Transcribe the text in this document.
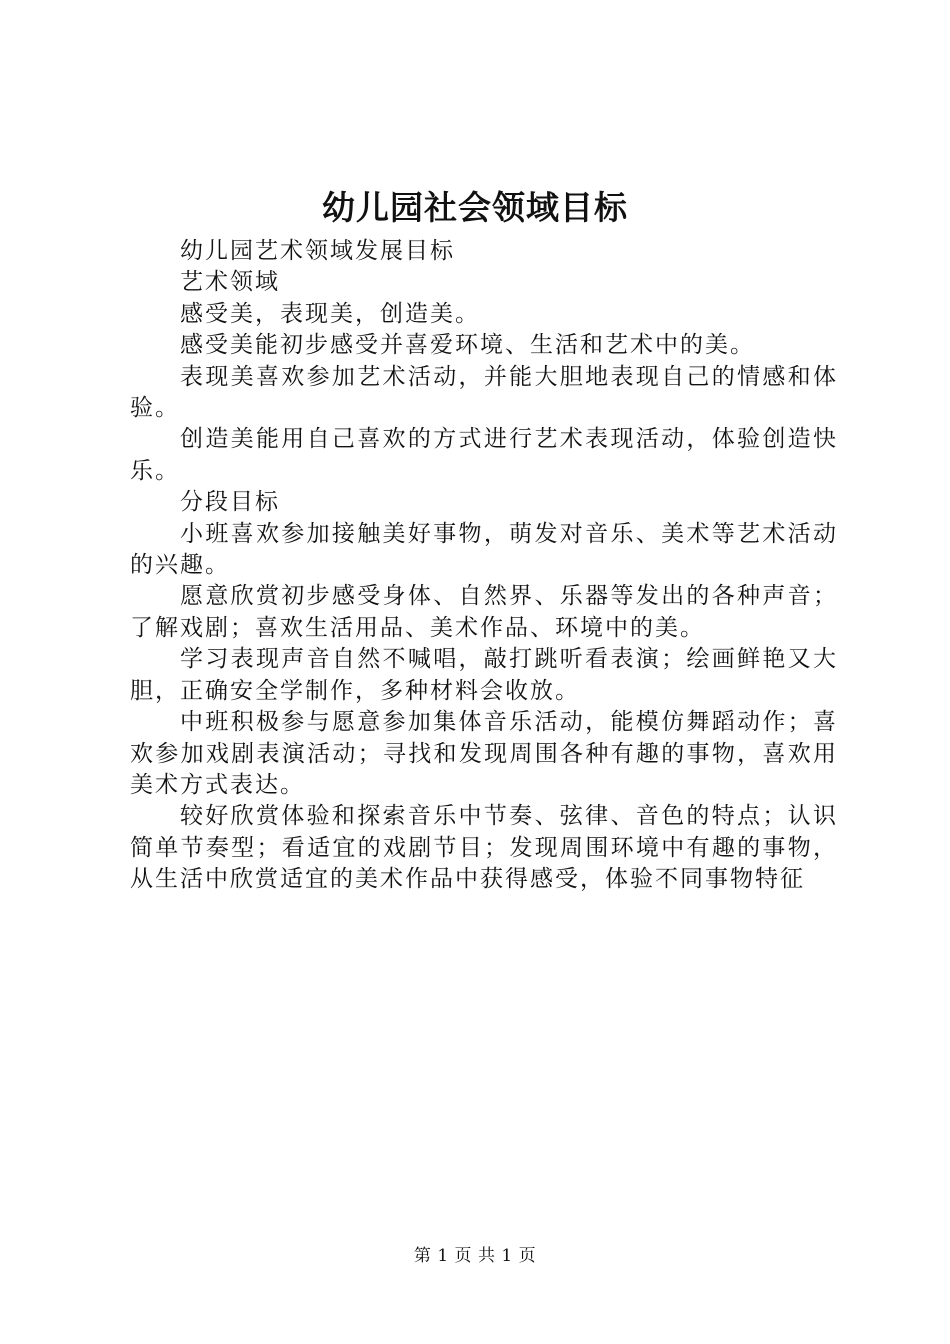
幼儿园社会领域目标

幼儿园艺术领域发展目标

艺术领域

感受美，表现美，创造美。

感受美能初步感受并喜爱环境、生活和艺术中的美。

表现美喜欢参加艺术活动，并能大胆地表现自己的情感和体验。

创造美能用自己喜欢的方式进行艺术表现活动，体验创造快乐。

分段目标

小班喜欢参加接触美好事物，萌发对音乐、美术等艺术活动的兴趣。

愿意欣赏初步感受身体、自然界、乐器等发出的各种声音；了解戏剧；喜欢生活用品、美术作品、环境中的美。

学习表现声音自然不喊唱，敲打跳听看表演；绘画鲜艳又大胆，正确安全学制作，多种材料会收放。

中班积极参与愿意参加集体音乐活动，能模仿舞蹈动作；喜欢参加戏剧表演活动；寻找和发现周围各种有趣的事物，喜欢用美术方式表达。

较好欣赏体验和探索音乐中节奏、弦律、音色的特点；认识简单节奏型；看适宜的戏剧节目；发现周围环境中有趣的事物，从生活中欣赏适宜的美术作品中获得感受，体验不同事物特征

第 1 页 共 1 页
